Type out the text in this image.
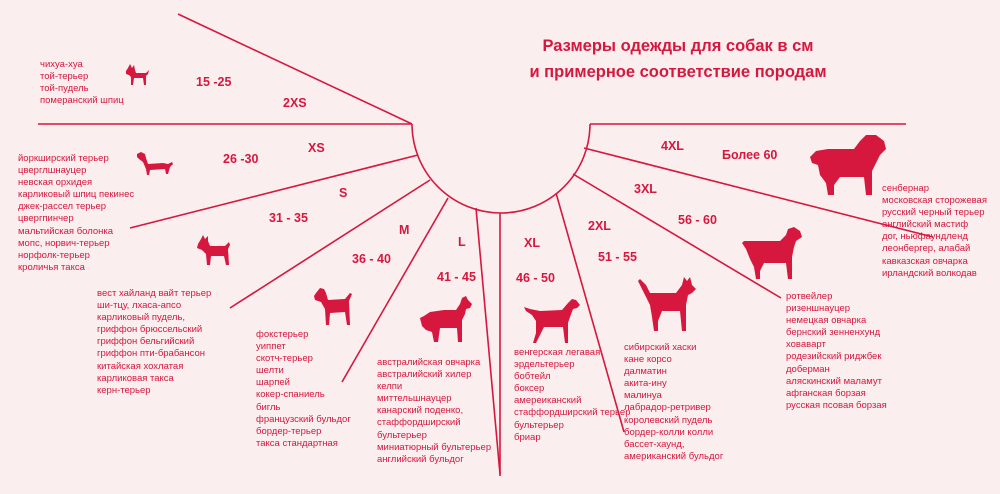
Размеры одежды для собак в см
и примерное соответствие породам
чихуа-хуа
той-терьер
той-пудель
померанский шпиц
15 -25
2XS
йоркширский терьер
цверглшнауцер
невская орхидея
карликовый шпиц пекинес
джек-рассел терьер
цвергпинчер
мальтийская болонка
мопс, норвич-терьер
норфолк-терьер
кроличья такса
26 -30
XS
вест хайланд вайт терьер
ши-тцу, лхаса-апсо
карликовый пудель,
гриффон брюссельский
гриффон бельгийский
гриффон пти-брабансон
китайская хохлатая
карликовая такса
керн-терьер
31 - 35
S
фокстерьер
уиппет
скотч-терьер
шелти
шарпей
кокер-спаниель
бигль
французский бульдог
бордер-терьер
такса стандартная
36 - 40
M
австралийская овчарка
австралийский хилер
келпи
миттельшнауцер
канарский поденко,
стаффордширский
бультерьер
миниатюрный бультерьер
английский бульдог
41 - 45
L
венгерская легавая
эрдельтерьер
бобтейл
боксер
амереиканский
стаффордширский терьер
бультерьер
бриар
46 - 50
XL
сибирский хаски
кане корсо
далматин
акита-ину
малинуа
лабрадор-ретривер
королевский пудель
бордер-колли колли
бассет-хаунд,
американский бульдог
51 - 55
2XL
ротвейлер
ризеншнауцер
немецкая овчарка
бернский зенненхунд
ховаварт
родезийский риджбек
доберман
аляскинский маламут
афганская борзая
русская псовая борзая
56 - 60
3XL	сенбернар
московская сторожевая
русский черный терьер
английский мастиф
дог, ньюфаундленд
леонбергер, алабай
кавказская овчарка
ирландский волкодав
Более 60
4XL
